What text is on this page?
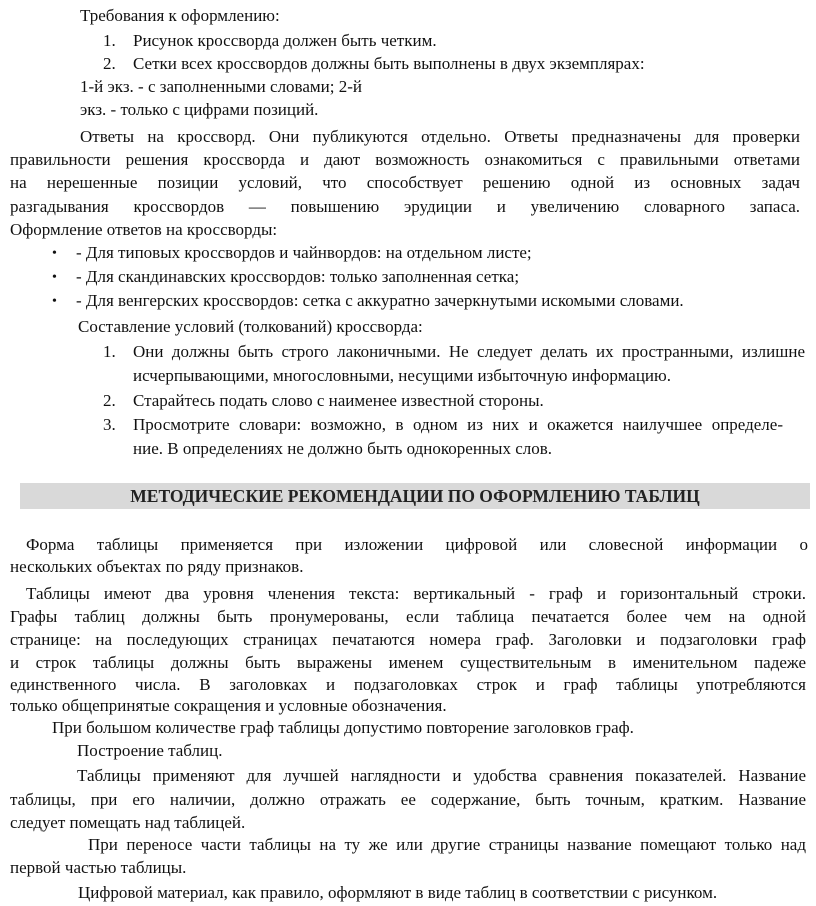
Требования к оформлению:
1. Рисунок кроссворда должен быть четким.
2. Сетки всех кроссвордов должны быть выполнены в двух экземплярах:
1-й экз. - с заполненными словами; 2-й
экз. - только с цифрами позиций.
Ответы на кроссворд. Они публикуются отдельно. Ответы предназначены для проверки
правильности решения кроссворда и дают возможность ознакомиться с правильными ответами
на нерешенные позиции условий, что способствует решению одной из основных задач
разгадывания кроссвордов — повышению эрудиции и увеличению словарного запаса.
Оформление ответов на кроссворды:
• - Для типовых кроссвордов и чайнвордов: на отдельном листе;
• - Для скандинавских кроссвордов: только заполненная сетка;
• - Для венгерских кроссвордов: сетка с аккуратно зачеркнутыми искомыми словами.
Составление условий (толкований) кроссворда:
1. Они должны быть строго лаконичными. Не следует делать их пространными, излишне
исчерпывающими, многословными, несущими избыточную информацию.
2. Старайтесь подать слово с наименее известной стороны.
3. Просмотрите словари: возможно, в одном из них и окажется наилучшее определе-
ние. В определениях не должно быть однокоренных слов.
МЕТОДИЧЕСКИЕ РЕКОМЕНДАЦИИ ПО ОФОРМЛЕНИЮ ТАБЛИЦ
Форма таблицы применяется при изложении цифровой или словесной информации о
нескольких объектах по ряду признаков.
Таблицы имеют два уровня членения текста: вертикальный - граф и горизонтальный строки.
Графы таблиц должны быть пронумерованы, если таблица печатается более чем на одной
странице: на последующих страницах печатаются номера граф. Заголовки и подзаголовки граф
и строк таблицы должны быть выражены именем существительным в именительном падеже
единственного числа. В заголовках и подзаголовках строк и граф таблицы употребляются
только общепринятые сокращения и условные обозначения.
При большом количестве граф таблицы допустимо повторение заголовков граф.
Построение таблиц.
Таблицы применяют для лучшей наглядности и удобства сравнения показателей. Название
таблицы, при его наличии, должно отражать ее содержание, быть точным, кратким. Название
следует помещать над таблицей.
При переносе части таблицы на ту же или другие страницы название помещают только над
первой частью таблицы.
Цифровой материал, как правило, оформляют в виде таблиц в соответствии с рисунком.
